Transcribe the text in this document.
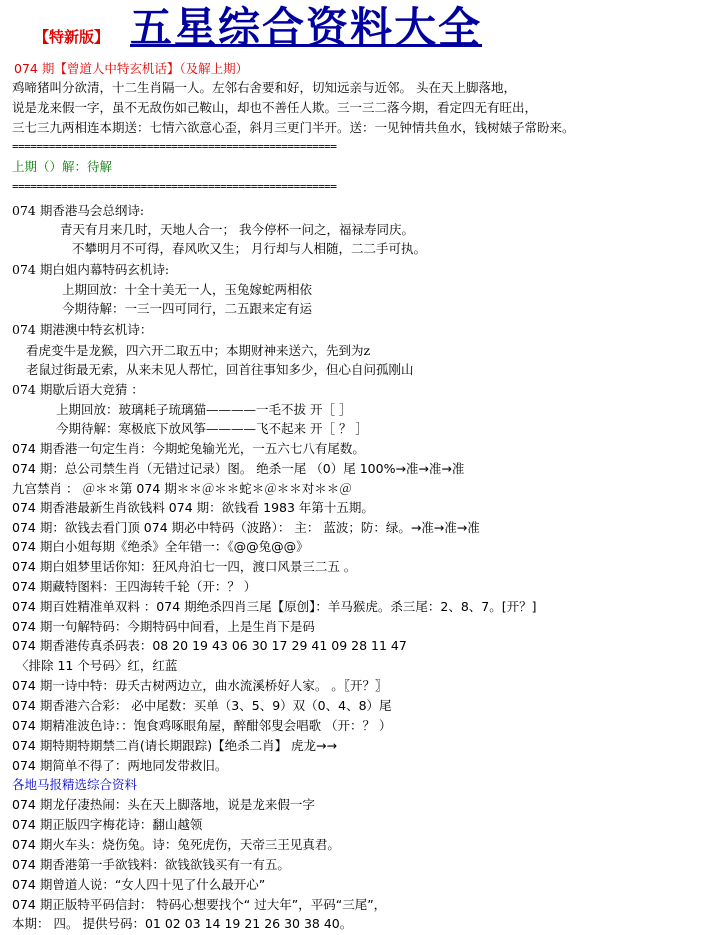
【特新版】 五星综合资料大全
074 期【曾道人中特玄机话】（及解上期）
鸡啼猪叫分欲清，十二生肖隔一人。左邻右舍要和好，切知远亲与近邻。 头在天上脚落地，
说是龙来假一字，虽不无敌伤如己鞍山，却也不善任人欺。三一三二落今期，看定四无有旺出，
三七三九两相连本期送：七情六欲意心歪，斜月三更门半开。送：一见钟情共鱼水，钱树婊子常盼来。
=====================================================
上期（）解：待解
=====================================================
074 期香港马会总纲诗:
青天有月来几时，天地人合一； 我今停杯一问之，福禄寿同庆。
不攀明月不可得，春风吹又生； 月行却与人相随，二二手可执。
074 期白姐内幕特码玄机诗:
上期回放：十全十美无一人，玉兔嫁蛇两相依
今期待解：一三一四可同行，二五跟来定有运
074 期港澳中特玄机诗：
看虎变牛是龙猴，四六开二取五中；本期财神来送六，先到为z
老鼠过街最无索，从来未见人帮忙，回首往事知多少，但心自问孤刚山
074 期歇后语大竞猜 ：
上期回放：玻璃耗子琉璃猫————一毛不拔 开［ ］
今期待解：寒极底下放风筝————飞不起来 开［ ？ ］
074 期香港一句定生肖：今期蛇兔输光光，一五六七八有尾数。
074 期：总公司禁生肖（无错过记录）图。 绝杀一尾 （0）尾 100%→准→准→准
九宫禁肖 ： ＠＊＊第 074 期＊＊＠＊＊蛇＊＠＊＊对＊＊＠
074 期香港最新生肖欲钱料 074 期：欲钱看 1983 年第十五期。
074 期：欲钱去看门顶 074 期必中特码（波路）： 主： 蓝波；防：绿。→准→准→准
074 期白小姐每期《绝杀》全年错一：《@@兔@@》
074 期白姐梦里话你知：狂风舟泊七一四，渡口风景三二五 。
074 期藏特图料：王四海转千轮（开：？ ）
074 期百姓精准单双料 ：074 期绝杀四肖三尾【原创】：羊马猴虎。杀三尾：2、8、7。[开？]
074 期一句解特码：今期特码中间看，上是生肖下是码
074 期香港传真杀码表：08 20 19 43 06 30 17 29 41 09 28 11 47
〈排除 11 个号码〉红，红蓝
074 期一诗中特：毋夭古树两边立，曲水流溪桥好人家。 。〖开？〗
074 期香港六合彩： 必中尾数：买单（3、5、9）双（0、4、8）尾
074 期精准波色诗：：饱食鸡啄眼角屋，醉酣邻叟会唱歌 （开：？ ）
074 期特期特期禁二肖(请长期跟踪)【绝杀二肖】 虎龙→→
074 期简单不得了：两地同发带救旧。
各地马报精选综合资料
074 期龙仔凄热闹：头在天上脚落地，说是龙来假一字
074 期正版四字梅花诗：翻山越领
074 期火车头：烧伤兔。诗：兔死虎伤，天帝三王见真君。
074 期香港第一手欲钱料：欲钱欲钱买有一有五。
074 期曾道人说：“女人四十见了什么最开心”
074 期正版特平码信封： 特码心想要找个“ 过大年”，平码“三尾”，
本期： 四。 提供号码：01 02 03 14 19 21 26 30 38 40。
